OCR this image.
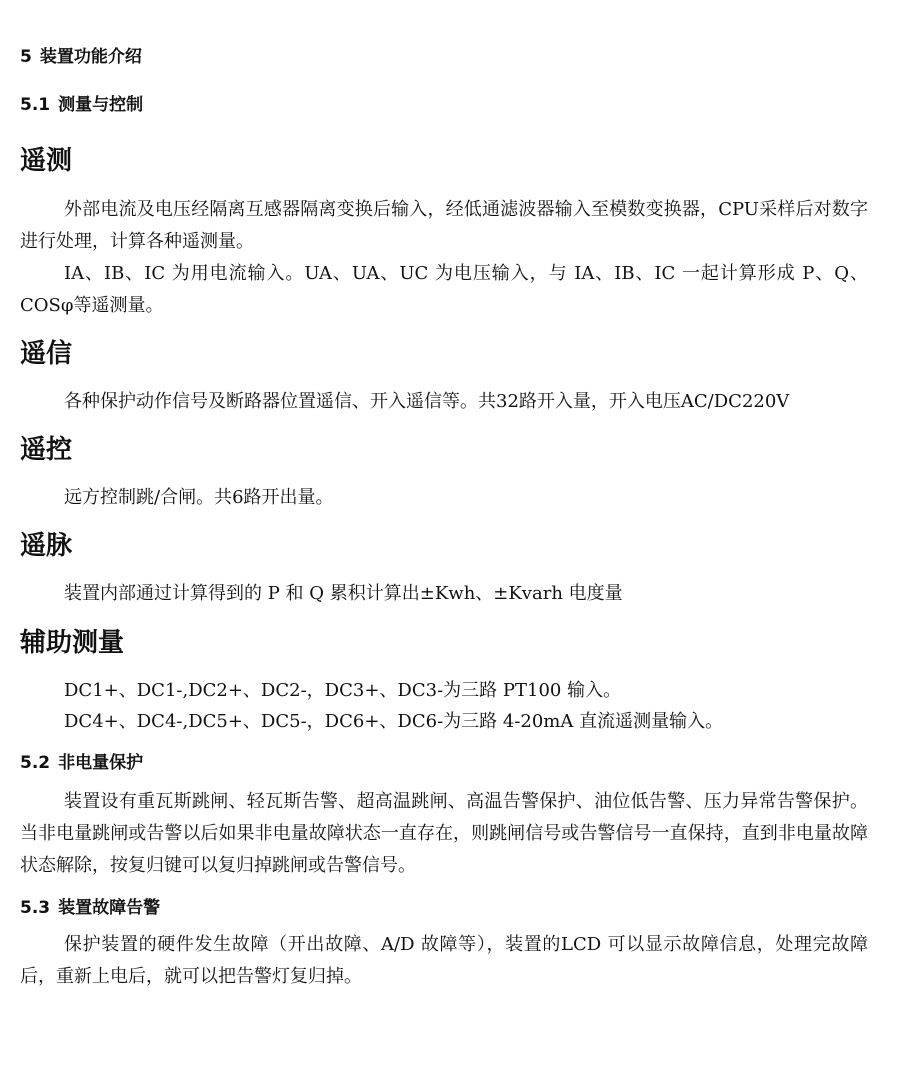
5 装置功能介绍
5.1 测量与控制
遥测

外部电流及电压经隔离互感器隔离变换后输入，经低通滤波器输入至模数变换器，CPU采样后对数字进行处理，计算各种遥测量。

IA、IB、IC 为用电流输入。UA、UA、UC 为电压输入，与 IA、IB、IC 一起计算形成 P、Q、COSφ等遥测量。

遥信

各种保护动作信号及断路器位置遥信、开入遥信等。共32路开入量，开入电压AC/DC220V

遥控

远方控制跳/合闸。共6路开出量。

遥脉

装置内部通过计算得到的 P 和 Q 累积计算出±Kwh、±Kvarh 电度量

辅助测量

DC1+、DC1-,DC2+、DC2-，DC3+、DC3-为三路 PT100 输入。

DC4+、DC4-,DC5+、DC5-，DC6+、DC6-为三路 4-20mA 直流遥测量输入。

5.2 非电量保护

装置设有重瓦斯跳闸、轻瓦斯告警、超高温跳闸、高温告警保护、油位低告警、压力异常告警保护。当非电量跳闸或告警以后如果非电量故障状态一直存在，则跳闸信号或告警信号一直保持，直到非电量故障状态解除，按复归键可以复归掉跳闸或告警信号。

5.3 装置故障告警

保护装置的硬件发生故障（开出故障、A/D 故障等），装置的LCD 可以显示故障信息，处理完故障后，重新上电后，就可以把告警灯复归掉。
